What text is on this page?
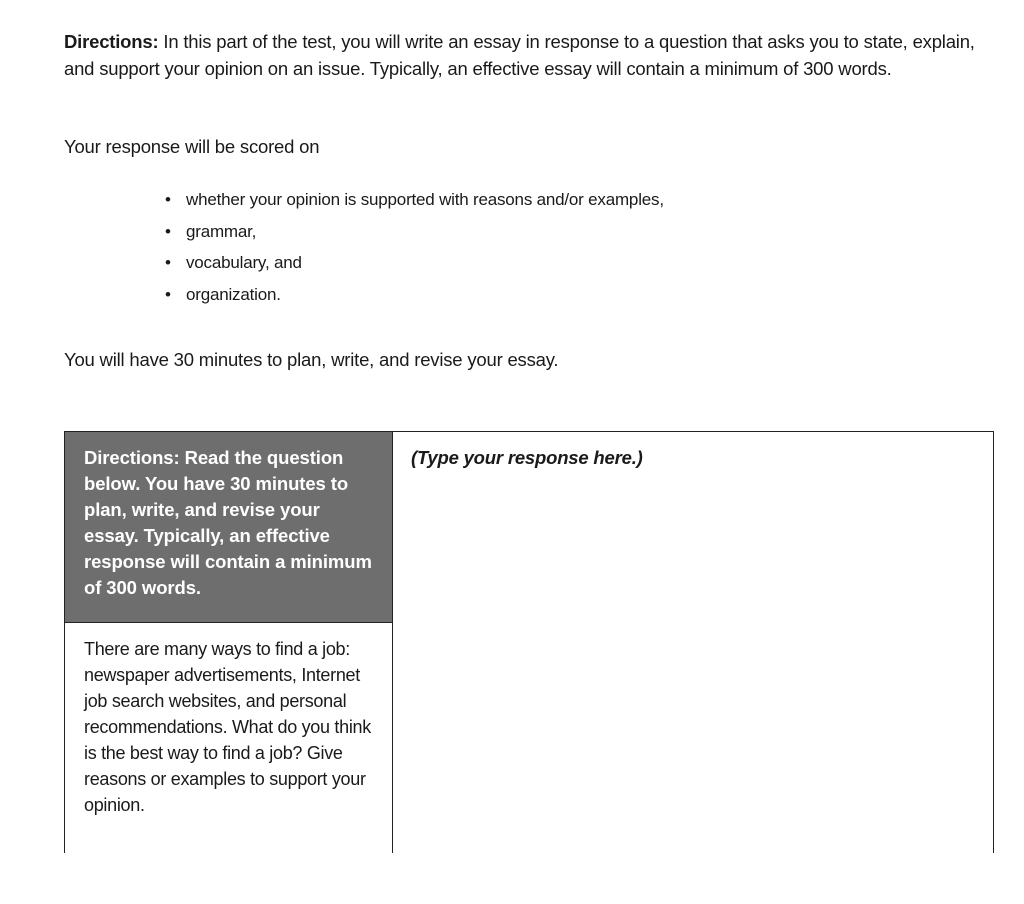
Directions: In this part of the test, you will write an essay in response to a question that asks you to state, explain, and support your opinion on an issue. Typically, an effective essay will contain a minimum of 300 words.

Your response will be scored on
• whether your opinion is supported with reasons and/or examples,
• grammar,
• vocabulary, and
• organization.
You will have 30 minutes to plan, write, and revise your essay.
Directions: Read the question below. You have 30 minutes to plan, write, and revise your essay. Typically, an effective response will contain a minimum of 300 words.
There are many ways to find a job: newspaper advertisements, Internet job search websites, and personal recommendations. What do you think is the best way to find a job? Give reasons or examples to support your opinion.
(Type your response here.)
